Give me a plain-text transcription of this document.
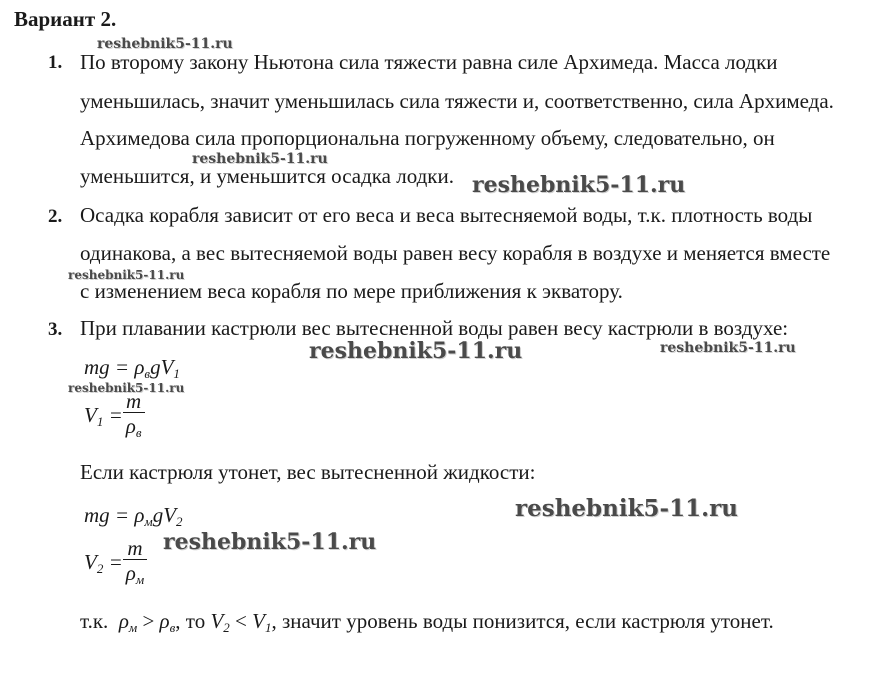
Вариант 2.
reshebnik5-11.ru
reshebnik5-11.ru
reshebnik5-11.ru
reshebnik5-11.ru
reshebnik5-11.ru	reshebnik5-11.ru
reshebnik5-11.ru
reshebnik5-11.ru
reshebnik5-11.ru
1. По второму закону Ньютона сила тяжести равна силе Архимеда. Масса лодки
уменьшилась, значит уменьшилась сила тяжести и, соответственно, сила Архимеда.
Архимедова сила пропорциональна погруженному объему, следовательно, он
уменьшится, и уменьшится осадка лодки.
2. Осадка корабля зависит от его веса и веса вытесняемой воды, т.к. плотность воды
одинакова, а вес вытесняемой воды равен весу корабля в воздухе и меняется вместе
с изменением веса корабля по мере приближения к экватору.
3. При плавании кастрюли вес вытесненной воды равен весу кастрюли в воздухе:
mg = $\rho_вgV_1$
$V_1 = \frac{m}{\rho_в}$
Если кастрюля утонет, вес вытесненной жидкости:
mg = $\rho_мgV_2$
$V_2 = \frac{m}{\rho_м}$
т.к. $\rho_м > \rho_в$, то $V_2 < V_1$, значит уровень воды понизится, если кастрюля утонет.
